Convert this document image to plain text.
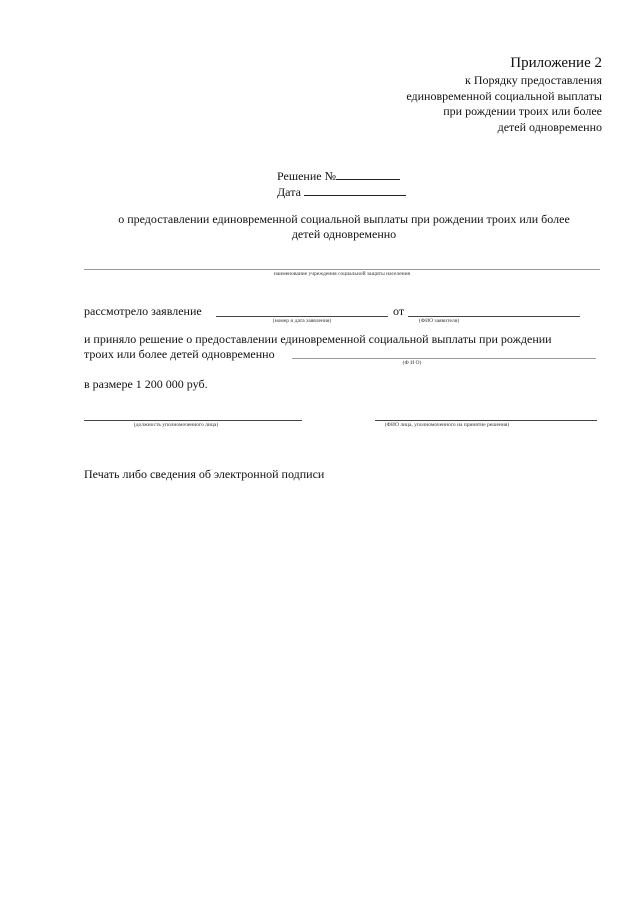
Приложение 2
к Порядку предоставления
единовременной социальной выплаты
при рождении троих или более
детей одновременно
Решение №
Дата
о предоставлении единовременной социальной выплаты при рождении троих или более
детей одновременно
наименование учреждения социальной защиты населения
рассмотрело заявление	от
(номер и дата заявления)	(ФИО заявителя)
и приняло решение о предоставлении единовременной социальной выплаты при рождении
троих или более детей одновременно
(Ф И О)
в размере 1 200 000 руб.
(должность уполномоченного лица)	(ФИО лица, уполномоченного на принятие решения)
Печать либо сведения об электронной подписи
